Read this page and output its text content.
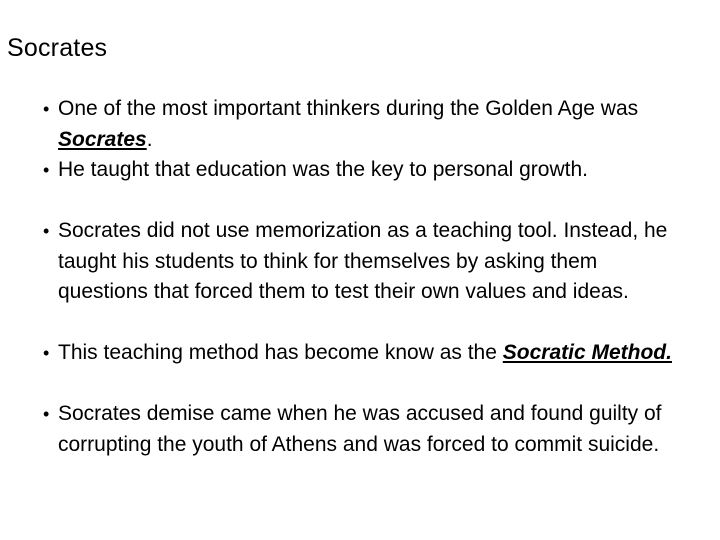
Socrates
• One of the most important thinkers during the Golden Age was Socrates.
• He taught that education was the key to personal growth.
• Socrates did not use memorization as a teaching tool. Instead, he taught his students to think for themselves by asking them questions that forced them to test their own values and ideas.
• This teaching method has become know as the Socratic Method.
• Socrates demise came when he was accused and found guilty of corrupting the youth of Athens and was forced to commit suicide.
